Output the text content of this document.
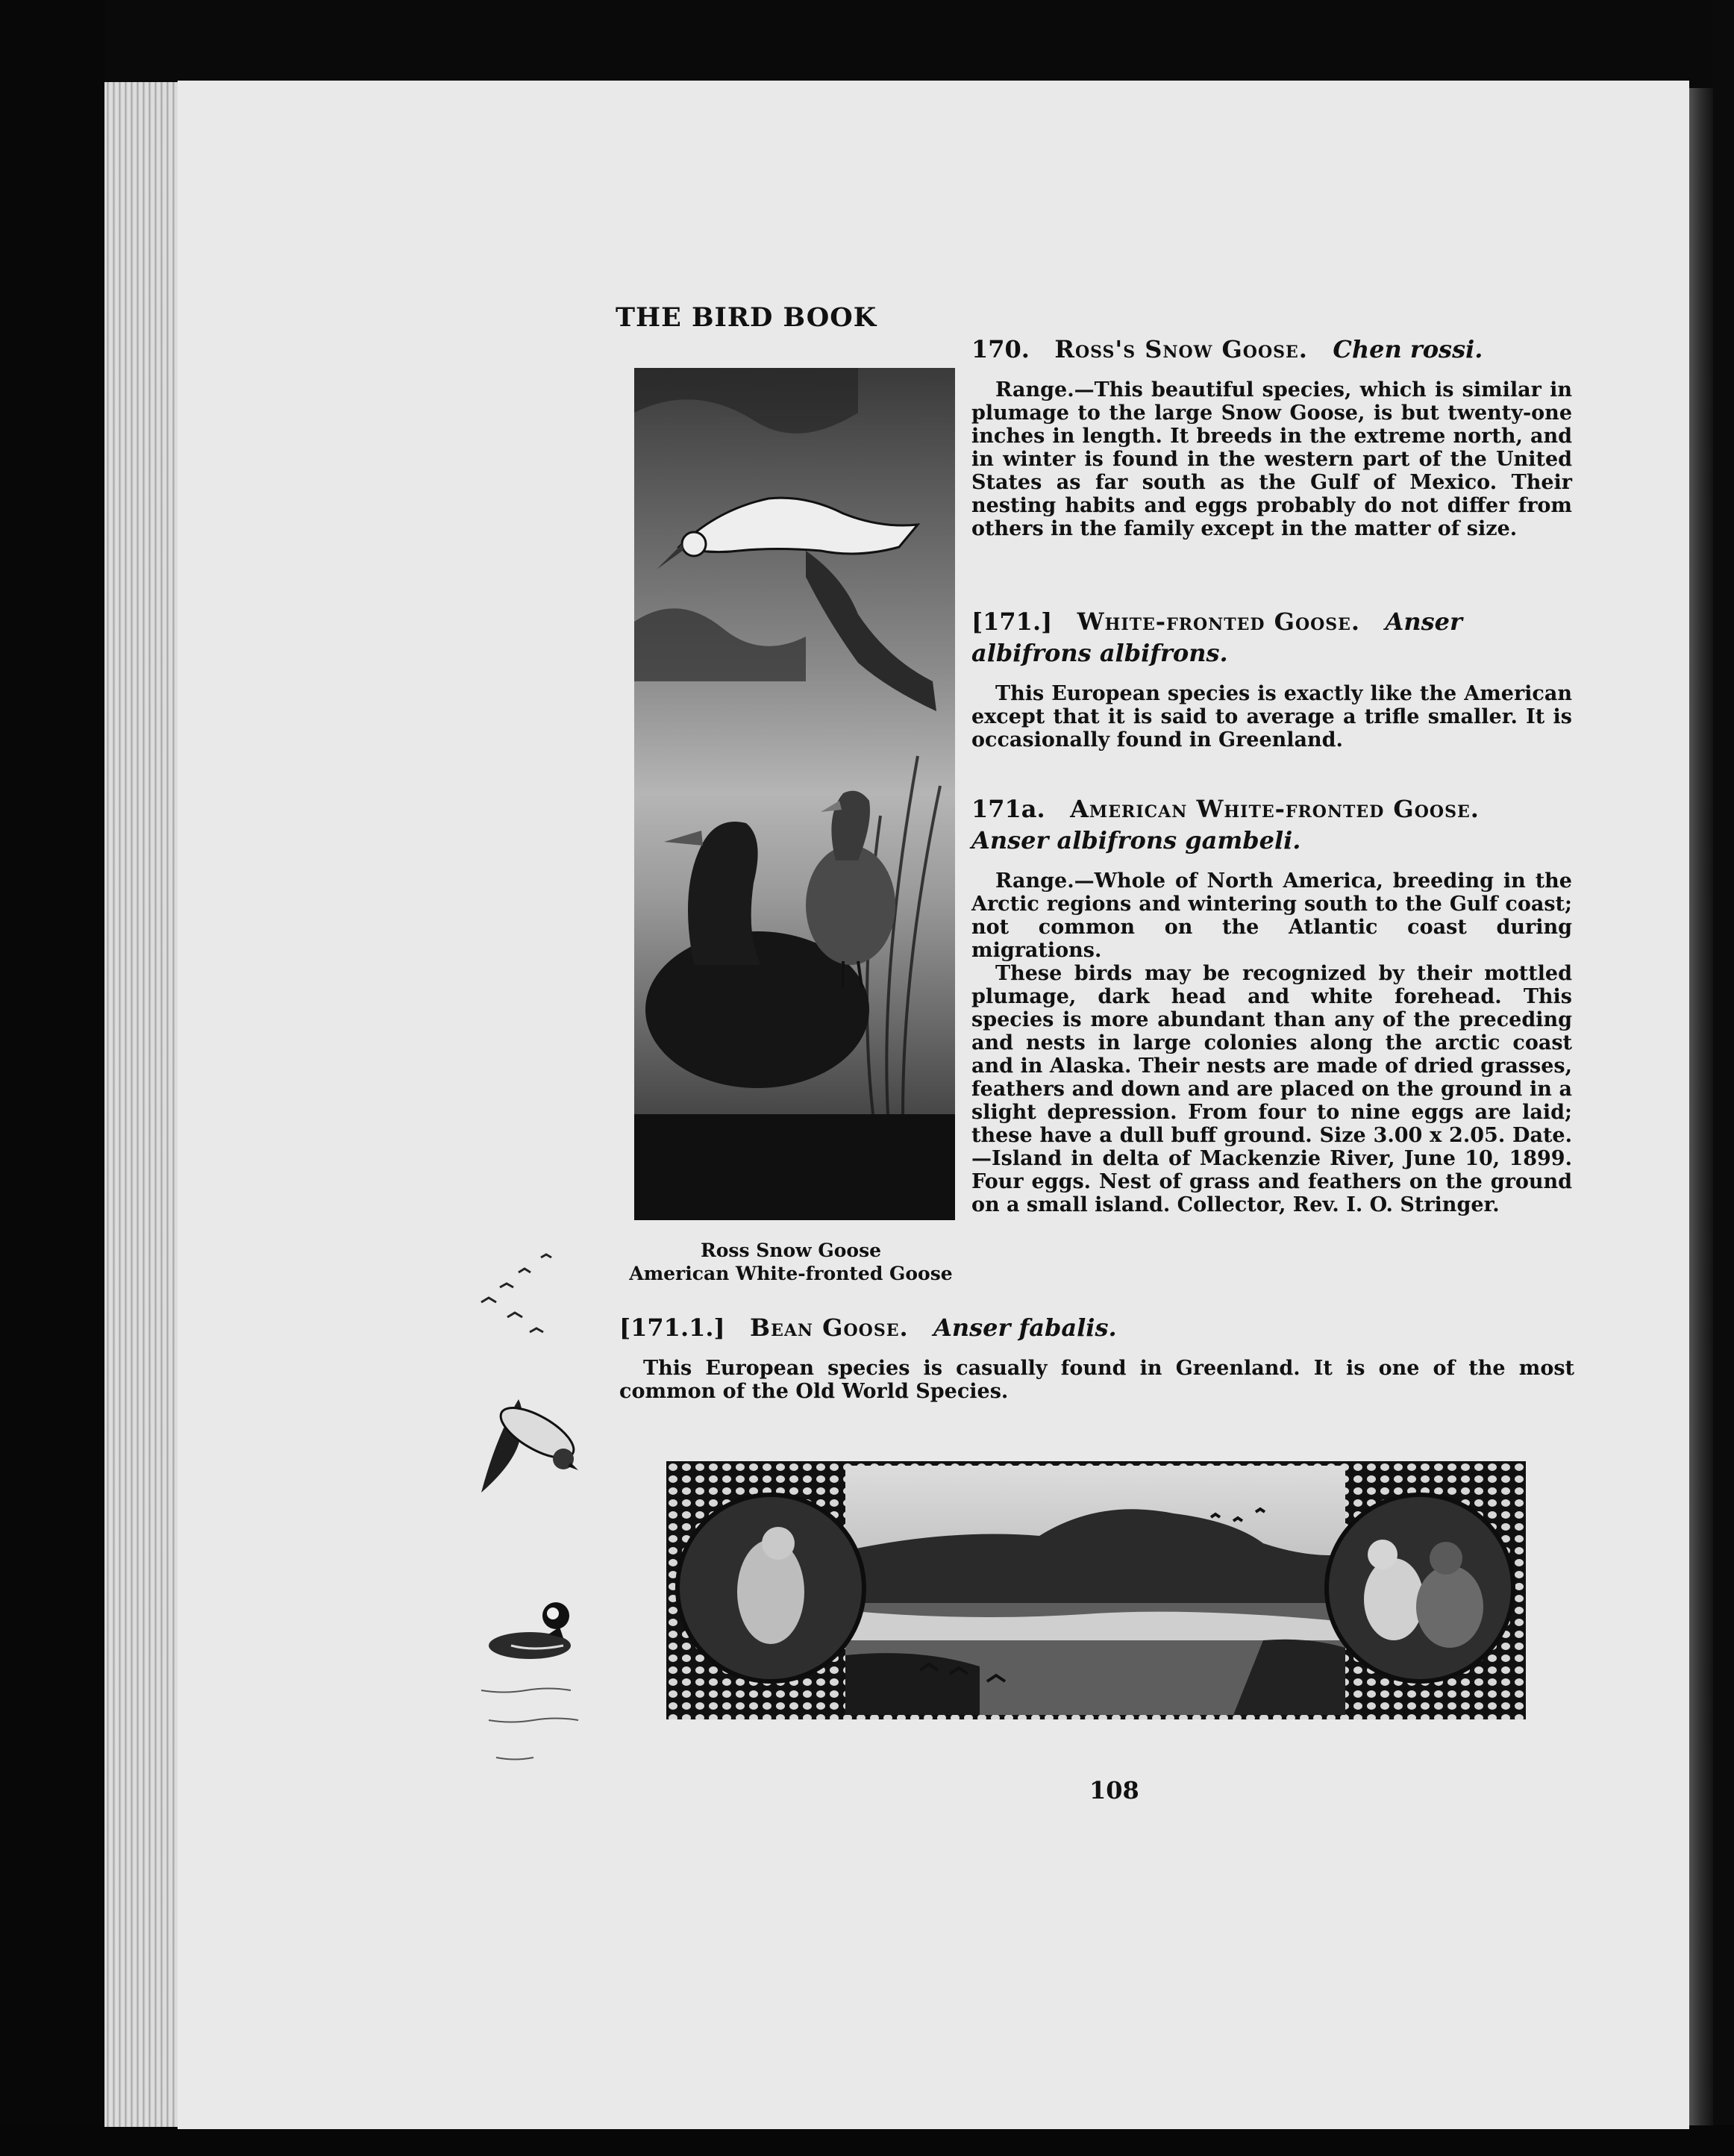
THE BIRD BOOK
Ross Snow Goose
American White-fronted Goose
170. Ross's Snow Goose. Chen rossi.

Range.—This beautiful species, which is similar in plumage to the large Snow Goose, is but twenty-one inches in length. It breeds in the extreme north, and in winter is found in the western part of the United States as far south as the Gulf of Mexico. Their nesting habits and eggs probably do not differ from others in the family except in the matter of size.

[171.] White-fronted Goose. Anser albifrons albifrons.

This European species is exactly like the American except that it is said to average a trifle smaller. It is occasionally found in Greenland.

171a. American White-fronted Goose.   Anser albifrons gambeli.

Range.—Whole of North America, breeding in the Arctic regions and wintering south to the Gulf coast; not common on the Atlantic coast during migrations.

These birds may be recognized by their mottled plumage, dark head and white forehead. This species is more abundant than any of the preceding and nests in large colonies along the arctic coast and in Alaska. Their nests are made of dried grasses, feathers and down and are placed on the ground in a slight depression. From four to nine eggs are laid; these have a dull buff ground. Size 3.00 x 2.05. Date.—Island in delta of Mackenzie River, June 10, 1899. Four eggs. Nest of grass and feathers on the ground on a small island. Collector, Rev. I. O. Stringer.

[171.1.] Bean Goose. Anser fabalis.

This European species is casually found in Greenland. It is one of the most common of the Old World Species.

108
